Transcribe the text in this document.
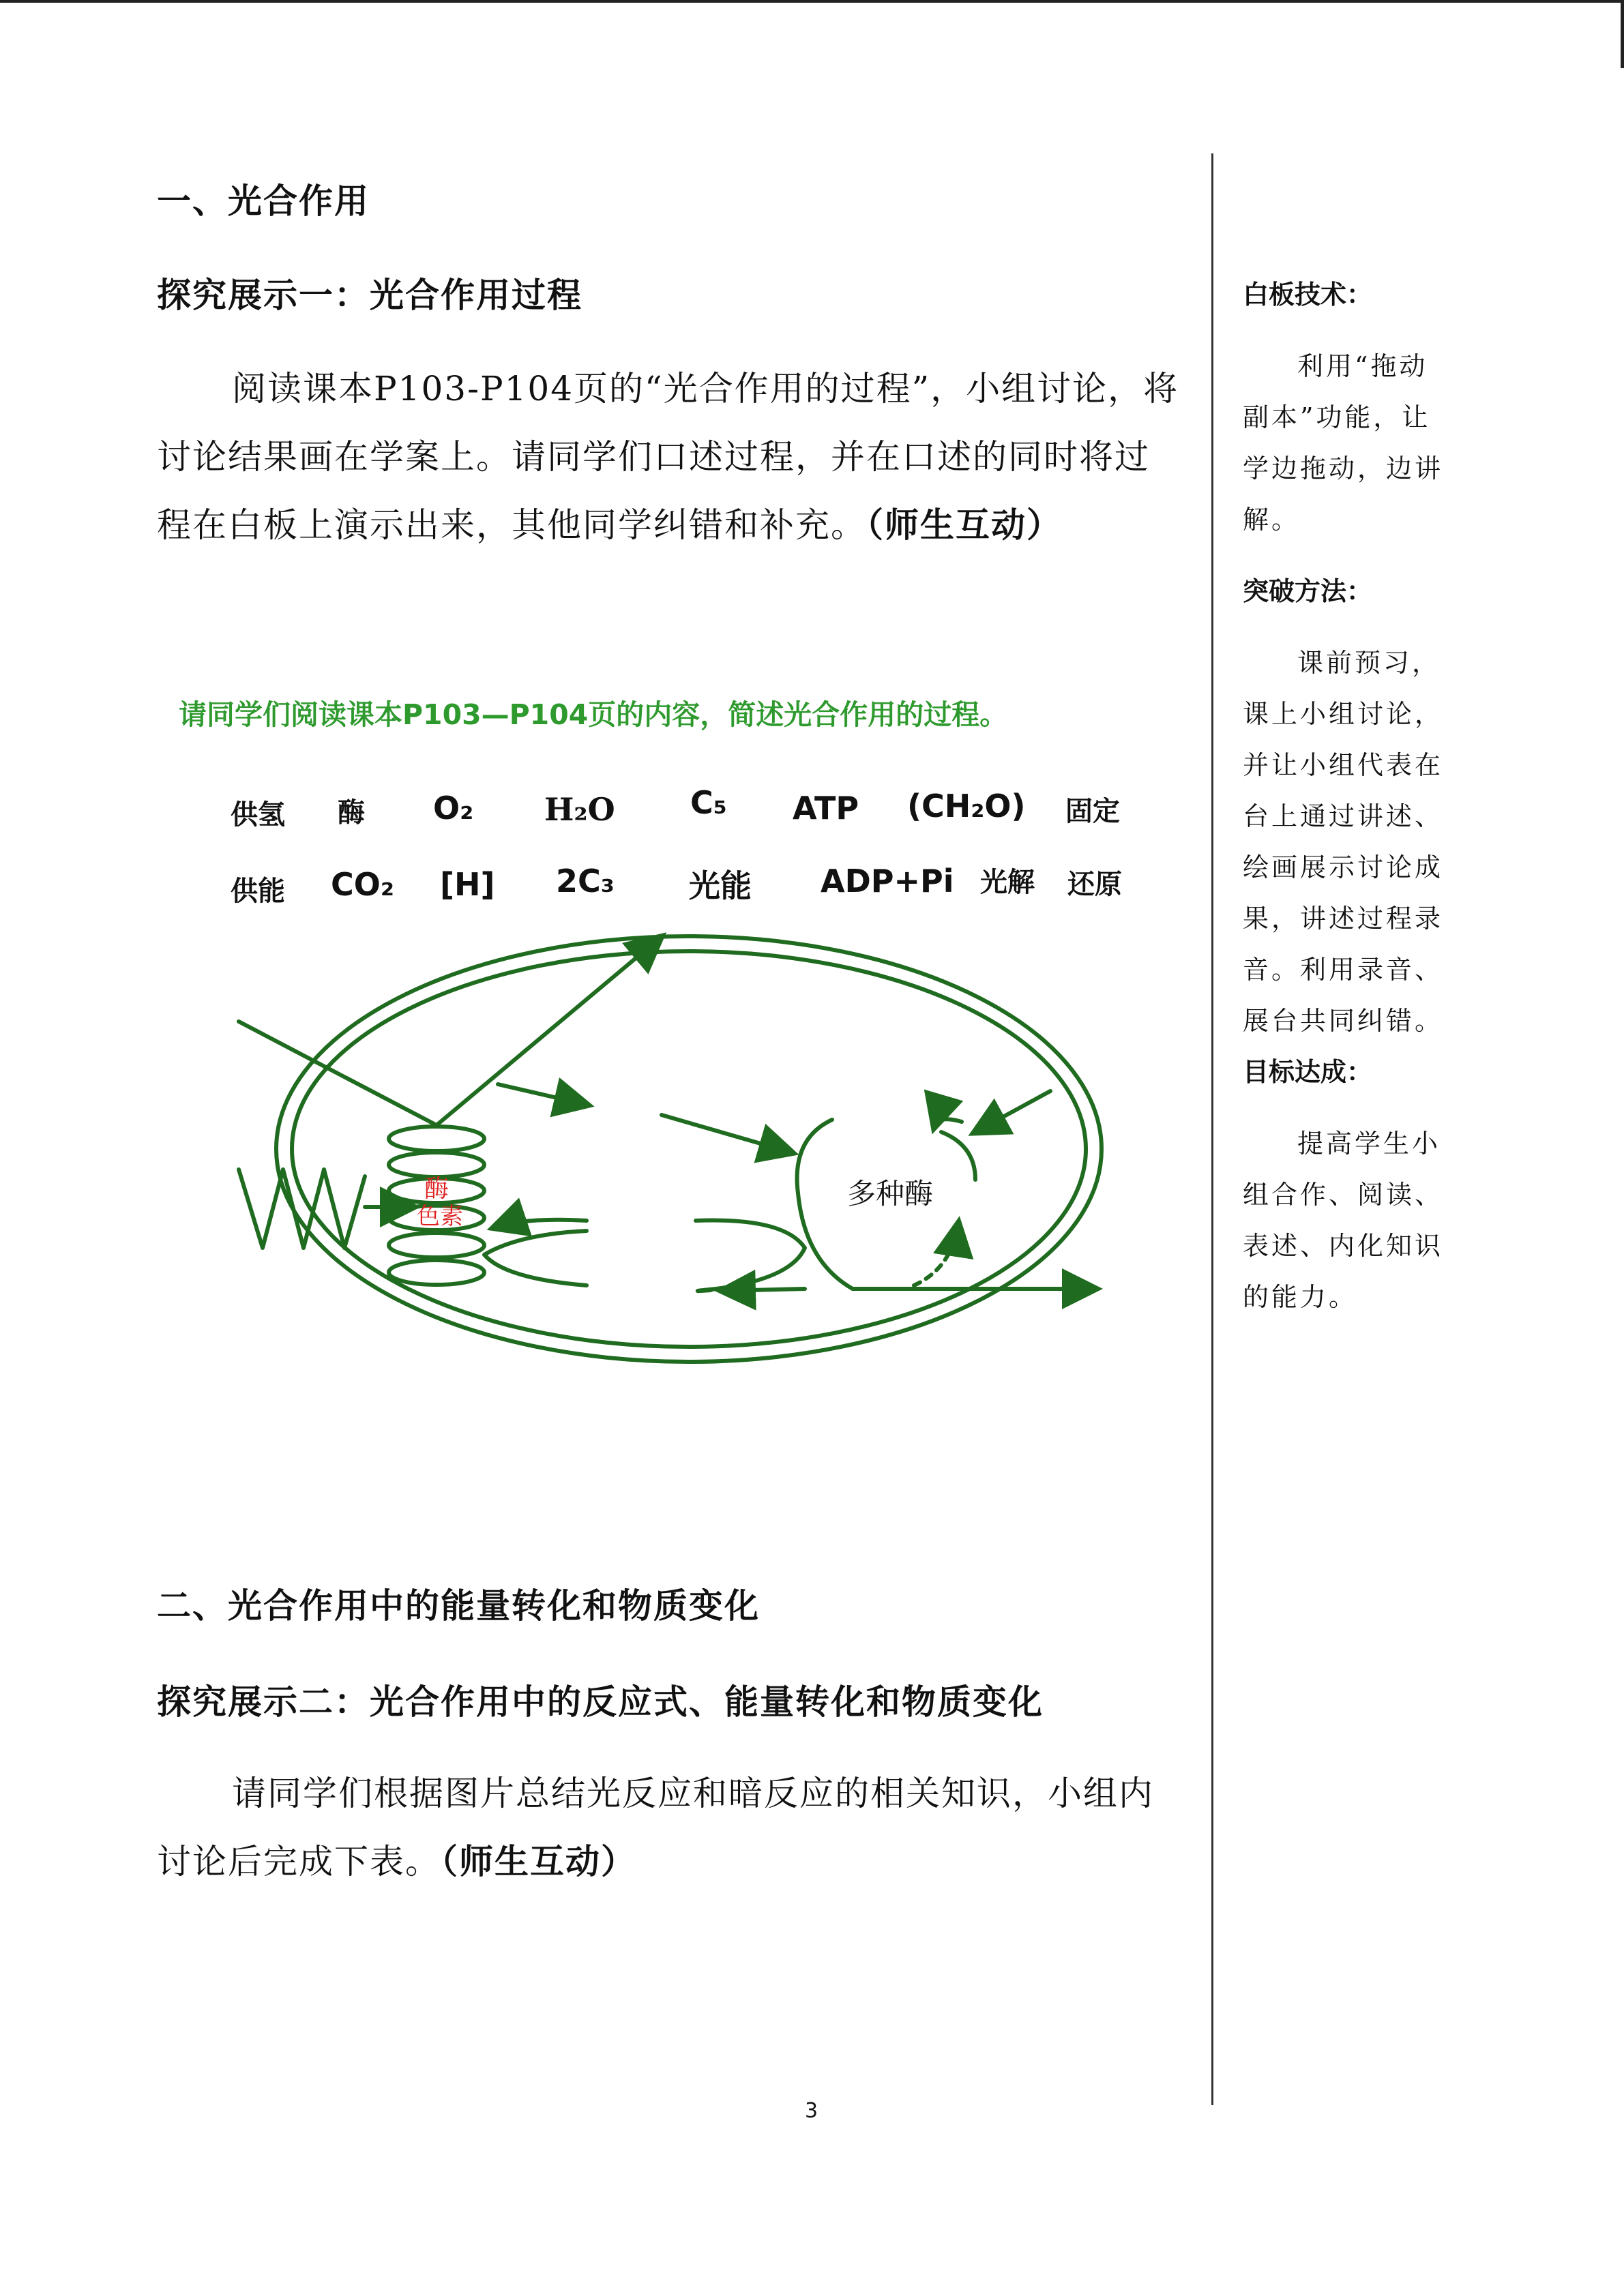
一、光合作用
探究展示一：光合作用过程
阅读课本P103-P104页的“光合作用的过程”，小组讨论，将讨论结果画在学案上。请同学们口述过程，并在口述的同时将过程在白板上演示出来，其他同学纠错和补充。（师生互动）
请同学们阅读课本P103—P104页的内容，简述光合作用的过程。
供氢 酶 O₂ H₂O C₅ ATP (CH₂O) 固定
供能 CO₂ [H] 2C₃ 光能 ADP+Pi 光解 还原
酶
色素
多种酶
二、光合作用中的能量转化和物质变化
探究展示二：光合作用中的反应式、能量转化和物质变化
请同学们根据图片总结光反应和暗反应的相关知识，小组内讨论后完成下表。（师生互动）
白板技术：
利用“拖动副本”功能，让学边拖动，边讲解。
突破方法：
课前预习，课上小组讨论，并让小组代表在台上通过讲述、绘画展示讨论成果，讲述过程录音。利用录音、展台共同纠错。
目标达成：
提高学生小组合作、阅读、表述、内化知识的能力。
3
